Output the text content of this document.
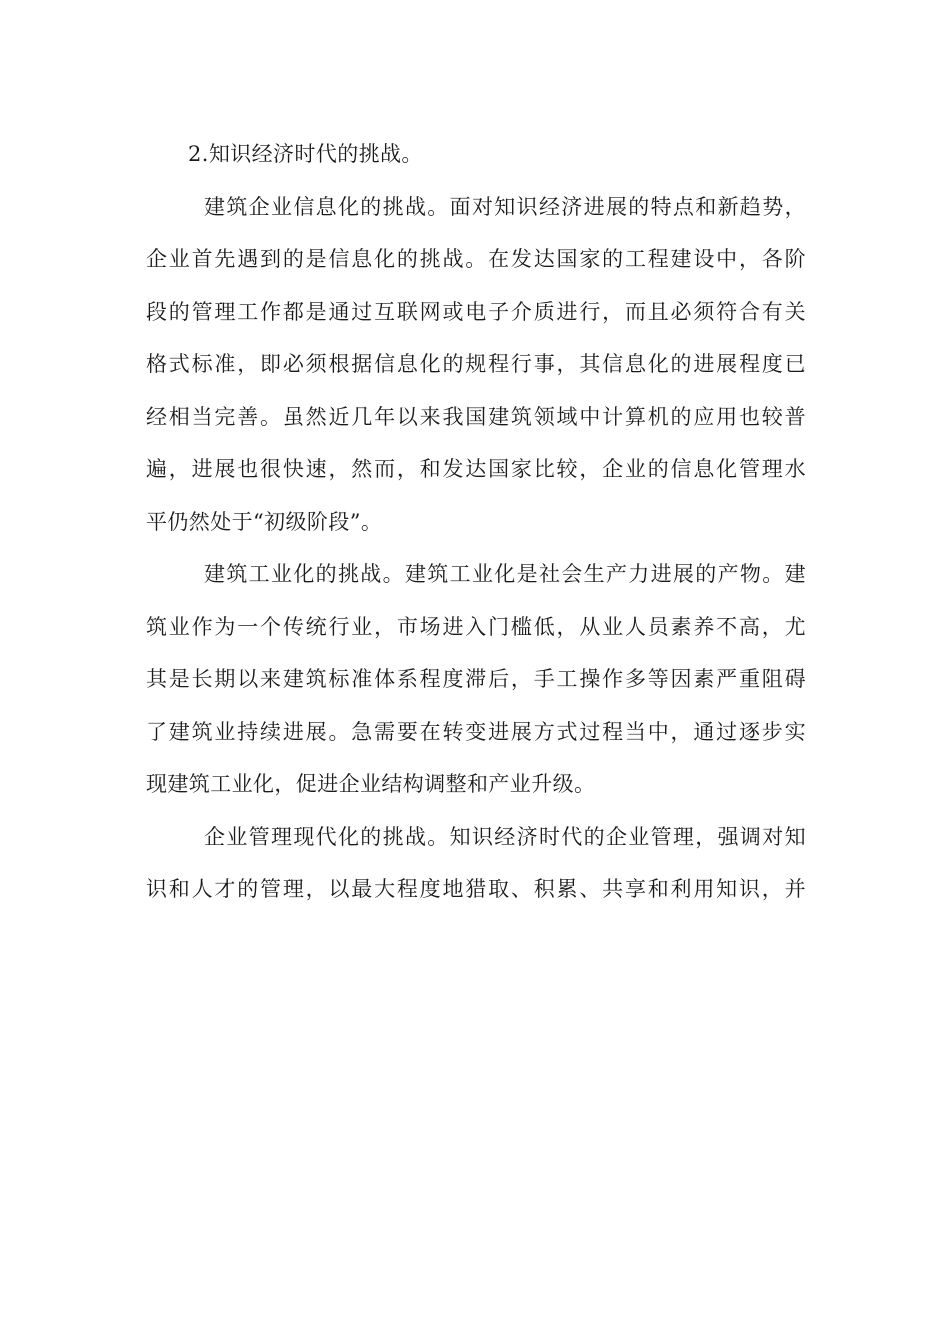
2.知识经济时代的挑战。

建筑企业信息化的挑战。面对知识经济进展的特点和新趋势，
企业首先遇到的是信息化的挑战。在发达国家的工程建设中，各阶
段的管理工作都是通过互联网或电子介质进行，而且必须符合有关
格式标准，即必须根据信息化的规程行事，其信息化的进展程度已
经相当完善。虽然近几年以来我国建筑领域中计算机的应用也较普
遍，进展也很快速，然而，和发达国家比较，企业的信息化管理水
平仍然处于“初级阶段”。
建筑工业化的挑战。建筑工业化是社会生产力进展的产物。建
筑业作为一个传统行业，市场进入门槛低，从业人员素养不高，尤
其是长期以来建筑标准体系程度滞后，手工操作多等因素严重阻碍
了建筑业持续进展。急需要在转变进展方式过程当中，通过逐步实
现建筑工业化，促进企业结构调整和产业升级。
企业管理现代化的挑战。知识经济时代的企业管理，强调对知
识和人才的管理，以最大程度地猎取、积累、共享和利用知识，并
